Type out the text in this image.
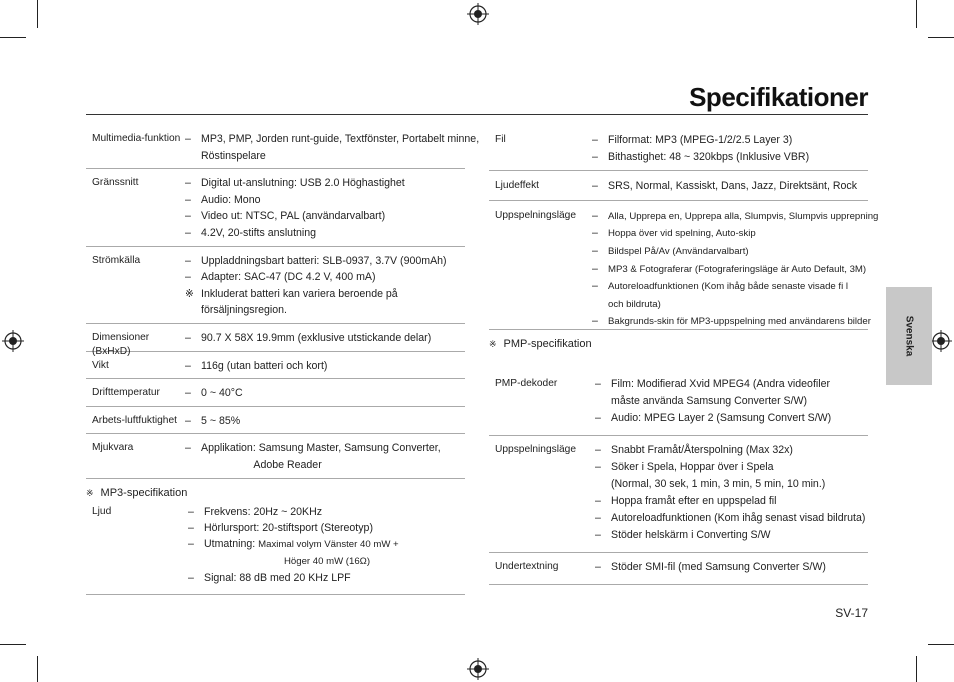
Specifikationer
Svenska
Multimedia-funktion – MP3, PMP, Jorden runt-guide, Textfönster, Portabelt minne,
Röstinspelare
Gränssnitt	– Digital ut-anslutning: USB 2.0 Höghastighet
– Audio: Mono
– Video ut: NTSC, PAL (användarvalbart)
– 4.2V, 20-stifts anslutning
Strömkälla	– Uppladdningsbart batteri: SLB-0937, 3.7V (900mAh)
– Adapter: SAC-47 (DC 4.2 V, 400 mA)
※ Inkluderat batteri kan variera beroende på
försäljningsregion.
Dimensioner
(BxHxD)
– 90.7 X 58X 19.9mm (exklusive utstickande delar)
Vikt	– 116g (utan batteri och kort)
Drifttemperatur – 0 ~ 40°C
Arbets-luftfuktighet – 5 ~ 85%
Mjukvara	– Applikation: Samsung Master, Samsung Converter,
Adobe Reader
※ MP3-specifikation
Ljud	– Frekvens: 20Hz ~ 20KHz
– Hörlursport: 20-stiftsport (Stereotyp)
– Utmatning: Maximal volym Vänster 40 mW +
Höger 40 mW (16Ω)
– Signal: 88 dB med 20 KHz LPF
Fil	– Filformat: MP3 (MPEG-1/2/2.5 Layer 3)
– Bithastighet: 48 ~ 320kbps (Inklusive VBR)
Ljudeffekt	– SRS, Normal, Kassiskt, Dans, Jazz, Direktsänt, Rock
Uppspelningsläge – Alla, Upprepa en, Upprepa alla, Slumpvis, Slumpvis upprepning
– Hoppa över vid spelning, Auto-skip
– Bildspel På/Av (Användarvalbart)
– MP3 & Fotograferar (Fotograferingsläge är Auto Default, 3M)
– Autoreloadfunktionen (Kom ihåg både senaste visade fi l
och bildruta)
– Bakgrunds-skin för MP3-uppspelning med användarens bilder
※ PMP-specifikation
PMP-dekoder	– Film: Modifierad Xvid MPEG4 (Andra videofiler
måste använda Samsung Converter S/W)
– Audio: MPEG Layer 2 (Samsung Convert S/W)
Uppspelningsläge – Snabbt Framåt/Återspolning (Max 32x)
– Söker i Spela, Hoppar över i Spela
(Normal, 30 sek, 1 min, 3 min, 5 min, 10 min.)
– Hoppa framåt efter en uppspelad fil
– Autoreloadfunktionen (Kom ihåg senast visad bildruta)
– Stöder helskärm i Converting S/W
Undertextning	– Stöder SMI-fil (med Samsung Converter S/W)
SV-17
